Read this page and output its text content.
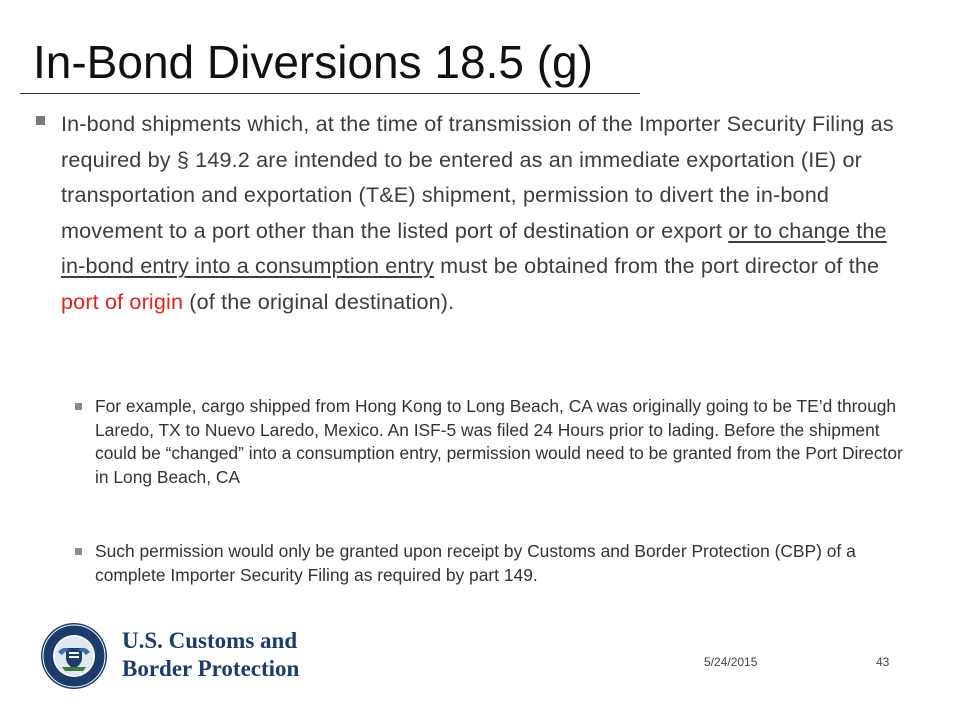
In-Bond Diversions 18.5 (g)
In-bond shipments which, at the time of transmission of the Importer Security Filing as required by § 149.2 are intended to be entered as an immediate exportation (IE) or transportation and exportation (T&E) shipment, permission to divert the in-bond movement to a port other than the listed port of destination or export or to change the in-bond entry into a consumption entry must be obtained from the port director of the port of origin (of the original destination).
For example, cargo shipped from Hong Kong to Long Beach, CA was originally going to be TE’d through Laredo, TX to Nuevo Laredo, Mexico. An ISF-5 was filed 24 Hours prior to lading. Before the shipment could be “changed” into a consumption entry, permission would need to be granted from the Port Director in Long Beach, CA
Such permission would only be granted upon receipt by Customs and Border Protection (CBP) of a complete Importer Security Filing as required by part 149.
U.S. Customs and
Border Protection	5/24/2015	43
